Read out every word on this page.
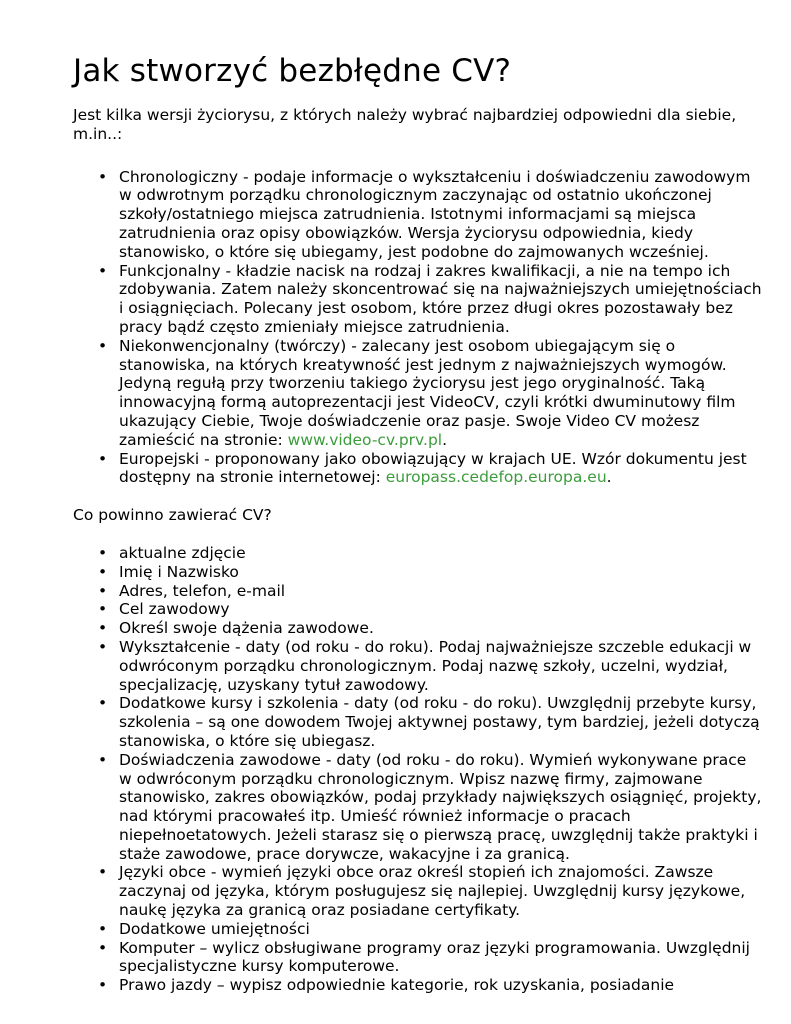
Jak stworzyć bezbłędne CV?

Jest kilka wersji życiorysu, z których należy wybrać najbardziej odpowiedni dla siebie, m.in..:

• Chronologiczny - podaje informacje o wykształceniu i doświadczeniu zawodowym w odwrotnym porządku chronologicznym zaczynając od ostatnio ukończonej szkoły/ostatniego miejsca zatrudnienia. Istotnymi informacjami są miejsca zatrudnienia oraz opisy obowiązków. Wersja życiorysu odpowiednia, kiedy stanowisko, o które się ubiegamy, jest podobne do zajmowanych wcześniej.
• Funkcjonalny - kładzie nacisk na rodzaj i zakres kwalifikacji, a nie na tempo ich zdobywania. Zatem należy skoncentrować się na najważniejszych umiejętnościach i osiągnięciach. Polecany jest osobom, które przez długi okres pozostawały bez pracy bądź często zmieniały miejsce zatrudnienia.
• Niekonwencjonalny (twórczy) - zalecany jest osobom ubiegającym się o stanowiska, na których kreatywność jest jednym z najważniejszych wymogów. Jedyną regułą przy tworzeniu takiego życiorysu jest jego oryginalność. Taką innowacyjną formą autoprezentacji jest VideoCV, czyli krótki dwuminutowy film ukazujący Ciebie, Twoje doświadczenie oraz pasje. Swoje Video CV możesz zamieścić na stronie: www.video-cv.prv.pl.
• Europejski - proponowany jako obowiązujący w krajach UE. Wzór dokumentu jest dostępny na stronie internetowej: europass.cedefop.europa.eu.

Co powinno zawierać CV?

• aktualne zdjęcie
• Imię i Nazwisko
• Adres, telefon, e-mail
• Cel zawodowy
• Określ swoje dążenia zawodowe.
• Wykształcenie - daty (od roku - do roku). Podaj najważniejsze szczeble edukacji w odwróconym porządku chronologicznym. Podaj nazwę szkoły, uczelni, wydział, specjalizację, uzyskany tytuł zawodowy.
• Dodatkowe kursy i szkolenia - daty (od roku - do roku). Uwzględnij przebyte kursy, szkolenia – są one dowodem Twojej aktywnej postawy, tym bardziej, jeżeli dotyczą stanowiska, o które się ubiegasz.
• Doświadczenia zawodowe - daty (od roku - do roku). Wymień wykonywane prace w odwróconym porządku chronologicznym. Wpisz nazwę firmy, zajmowane stanowisko, zakres obowiązków, podaj przykłady największych osiągnięć, projekty, nad którymi pracowałeś itp. Umieść również informacje o pracach niepełnoetatowych. Jeżeli starasz się o pierwszą pracę, uwzględnij także praktyki i staże zawodowe, prace dorywcze, wakacyjne i za granicą.
• Języki obce - wymień języki obce oraz określ stopień ich znajomości. Zawsze zaczynaj od języka, którym posługujesz się najlepiej. Uwzględnij kursy językowe, naukę języka za granicą oraz posiadane certyfikaty.
• Dodatkowe umiejętności
• Komputer – wylicz obsługiwane programy oraz języki programowania. Uwzględnij specjalistyczne kursy komputerowe.
• Prawo jazdy – wypisz odpowiednie kategorie, rok uzyskania, posiadanie
